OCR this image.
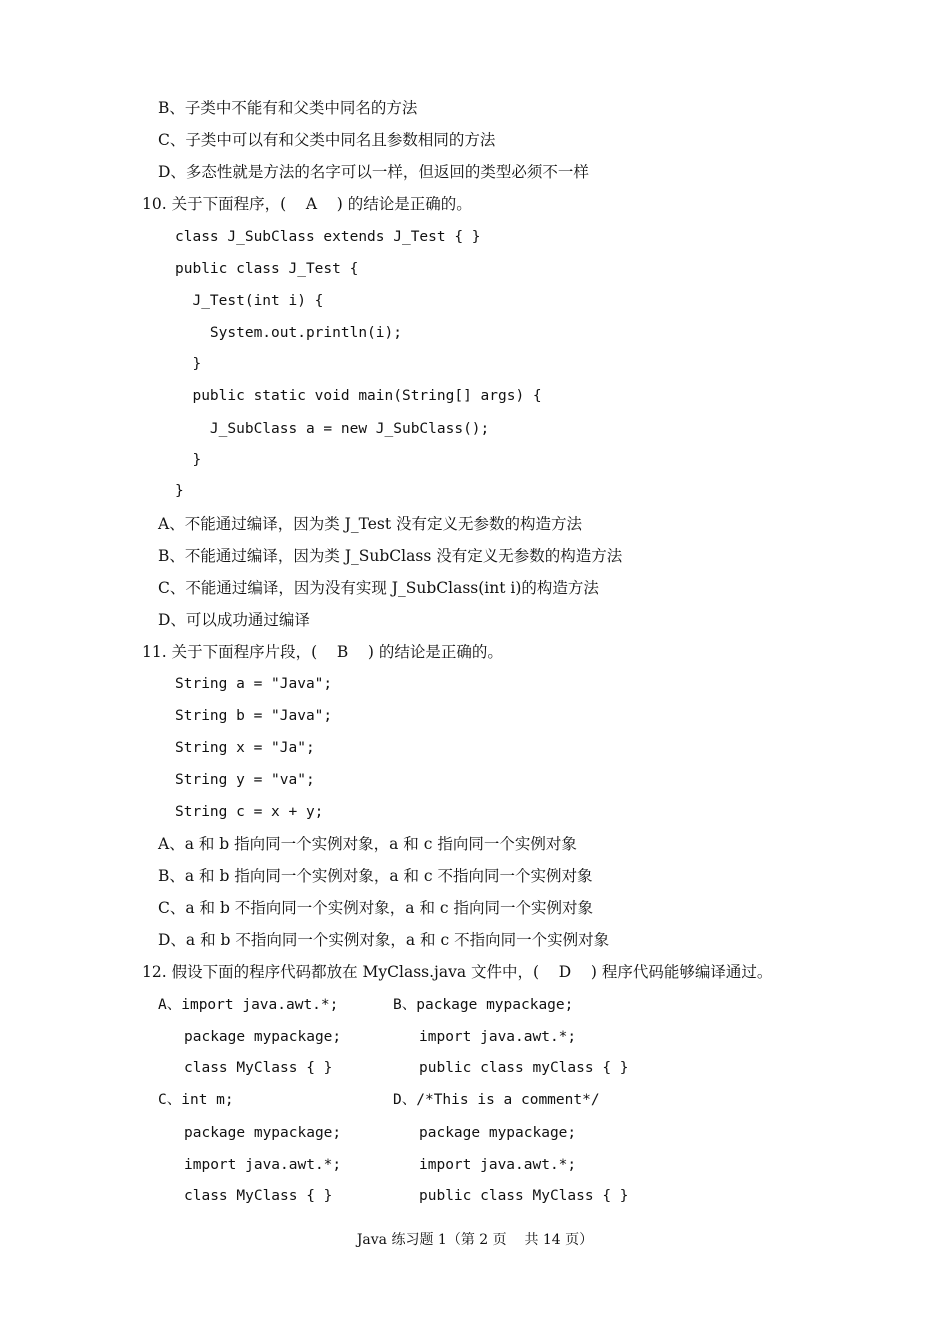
B、子类中不能有和父类中同名的方法
C、子类中可以有和父类中同名且参数相同的方法
D、多态性就是方法的名字可以一样，但返回的类型必须不一样
10. 关于下面程序，(    A    ) 的结论是正确的。
class J_SubClass extends J_Test { }
public class J_Test {
J_Test(int i) {
System.out.println(i);
}
public static void main(String[] args) {
J_SubClass a = new J_SubClass();
}
}
A、不能通过编译，因为类 J_Test 没有定义无参数的构造方法
B、不能通过编译，因为类 J_SubClass 没有定义无参数的构造方法
C、不能通过编译，因为没有实现 J_SubClass(int i)的构造方法
D、可以成功通过编译
11. 关于下面程序片段，(    B    ) 的结论是正确的。
String a = "Java";
String b = "Java";
String x = "Ja";
String y = "va";
String c = x + y;
A、a 和 b 指向同一个实例对象，a 和 c 指向同一个实例对象
B、a 和 b 指向同一个实例对象，a 和 c 不指向同一个实例对象
C、a 和 b 不指向同一个实例对象，a 和 c 指向同一个实例对象
D、a 和 b 不指向同一个实例对象，a 和 c 不指向同一个实例对象
12. 假设下面的程序代码都放在 MyClass.java 文件中，(    D    ) 程序代码能够编译通过。
A、import java.awt.*;
package mypackage;
class MyClass { }
B、package mypackage;
import java.awt.*;
public class myClass { }
C、int m;
package mypackage;
import java.awt.*;
class MyClass { }
D、/*This is a comment*/
package mypackage;
import java.awt.*;
public class MyClass { }
Java 练习题 1（第 2 页    共 14 页）
